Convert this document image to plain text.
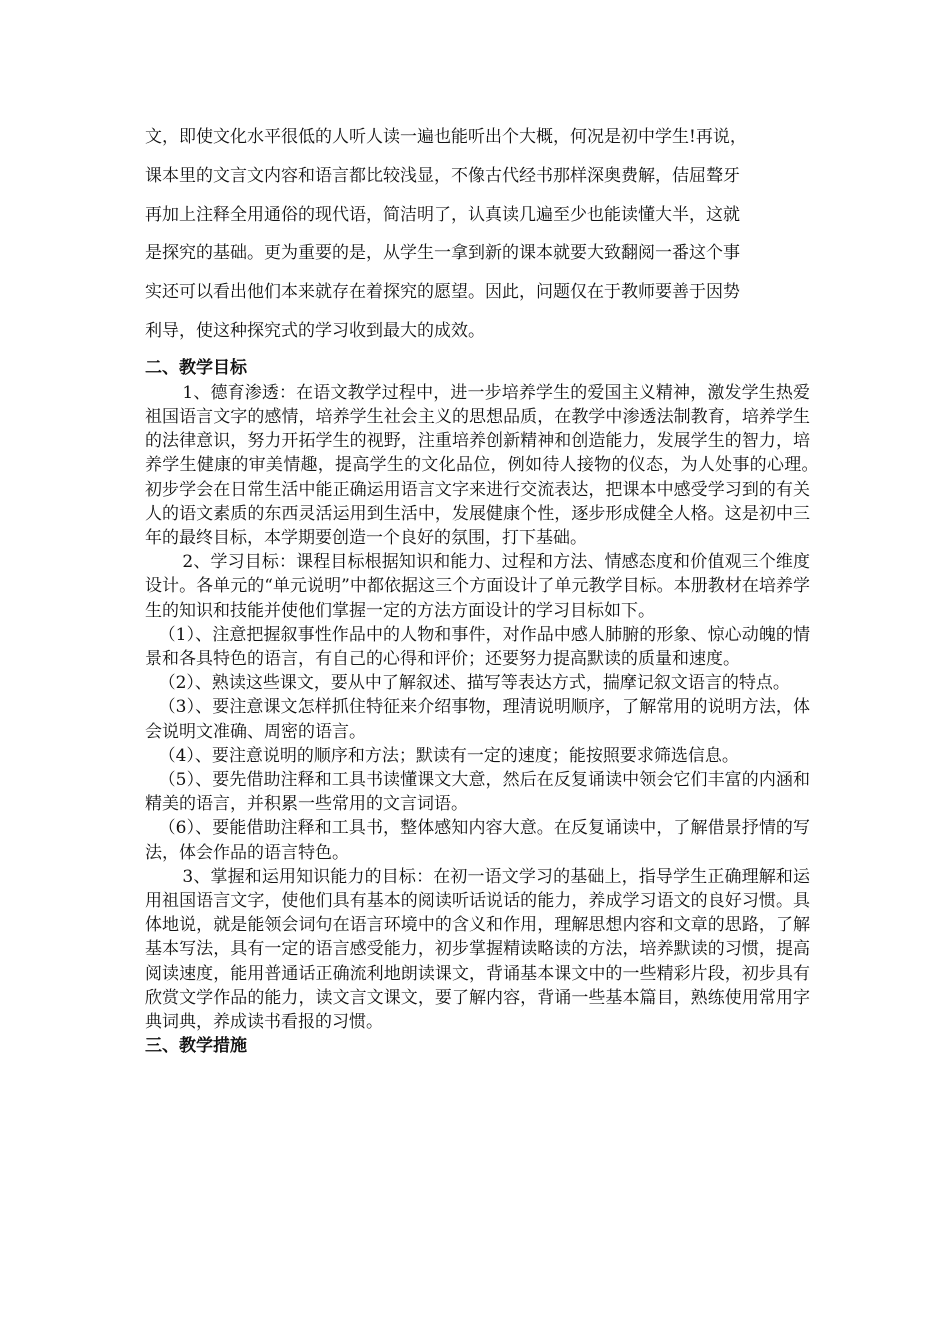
文，即使文化水平很低的人听人读一遍也能听出个大概，何况是初中学生!再说，

课本里的文言文内容和语言都比较浅显，不像古代经书那样深奥费解，佶屈聱牙

再加上注释全用通俗的现代语，简洁明了，认真读几遍至少也能读懂大半，这就

是探究的基础。更为重要的是，从学生一拿到新的课本就要大致翻阅一番这个事

实还可以看出他们本来就存在着探究的愿望。因此，问题仅在于教师要善于因势

利导，使这种探究式的学习收到最大的成效。

二、教学目标

1、德育渗透：在语文教学过程中，进一步培养学生的爱国主义精神，激发学生热爱祖国语言文字的感情，培养学生社会主义的思想品质，在教学中渗透法制教育，培养学生的法律意识，努力开拓学生的视野，注重培养创新精神和创造能力，发展学生的智力，培养学生健康的审美情趣，提高学生的文化品位，例如待人接物的仪态，为人处事的心理。　初步学会在日常生活中能正确运用语言文字来进行交流表达，把课本中感受学习到的有关人的语文素质的东西灵活运用到生活中，发展健康个性，逐步形成健全人格。这是初中三年的最终目标，本学期要创造一个良好的氛围，打下基础。

2、学习目标：课程目标根据知识和能力、过程和方法、情感态度和价值观三个维度设计。各单元的“单元说明”中都依据这三个方面设计了单元教学目标。本册教材在培养学生的知识和技能并使他们掌握一定的方法方面设计的学习目标如下。

（1）、注意把握叙事性作品中的人物和事件，对作品中感人肺腑的形象、惊心动魄的情景和各具特色的语言，有自己的心得和评价；还要努力提高默读的质量和速度。

（2）、熟读这些课文，要从中了解叙述、描写等表达方式，揣摩记叙文语言的特点。

（3）、要注意课文怎样抓住特征来介绍事物，理清说明顺序，了解常用的说明方法，体会说明文准确、周密的语言。

（4）、要注意说明的顺序和方法；默读有一定的速度；能按照要求筛选信息。

（5）、要先借助注释和工具书读懂课文大意，然后在反复诵读中领会它们丰富的内涵和精美的语言，并积累一些常用的文言词语。

（6）、要能借助注释和工具书，整体感知内容大意。在反复诵读中，了解借景抒情的写法，体会作品的语言特色。

3、掌握和运用知识能力的目标：在初一语文学习的基础上，指导学生正确理解和运用祖国语言文字，使他们具有基本的阅读听话说话的能力，养成学习语文的良好习惯。具体地说，就是能领会词句在语言环境中的含义和作用，理解思想内容和文章的思路，了解基本写法，具有一定的语言感受能力，初步掌握精读略读的方法，培养默读的习惯，提高阅读速度，能用普通话正确流利地朗读课文，背诵基本课文中的一些精彩片段，初步具有欣赏文学作品的能力，读文言文课文，要了解内容，背诵一些基本篇目，熟练使用常用字典词典，养成读书看报的习惯。

三、教学措施
